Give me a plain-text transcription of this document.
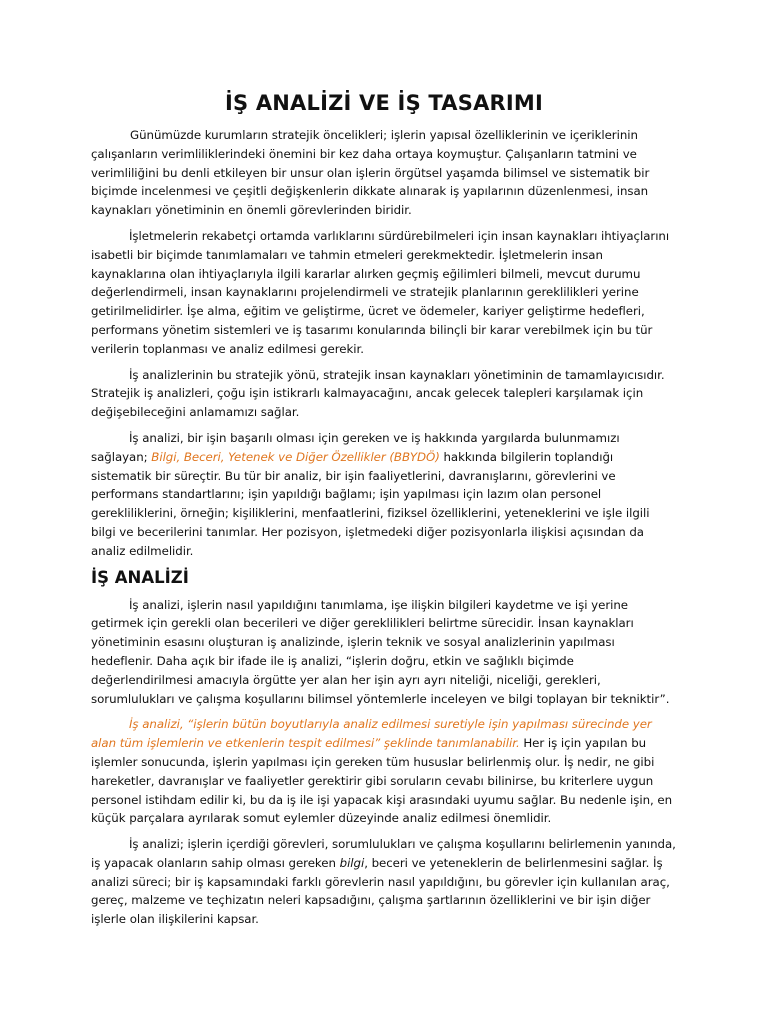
İŞ ANALİZİ VE İŞ TASARIMI

Günümüzde kurumların stratejik öncelikleri; işlerin yapısal özelliklerinin ve içeriklerinin çalışanların verimliliklerindeki önemini bir kez daha ortaya koymuştur. Çalışanların tatmini ve verimliliğini bu denli etkileyen bir unsur olan işlerin örgütsel yaşamda bilimsel ve sistematik bir biçimde incelenmesi ve çeşitli değişkenlerin dikkate alınarak iş yapılarının düzenlenmesi, insan kaynakları yönetiminin en önemli görevlerinden biridir.

İşletmelerin rekabetçi ortamda varlıklarını sürdürebilmeleri için insan kaynakları ihtiyaçlarını isabetli bir biçimde tanımlamaları ve tahmin etmeleri gerekmektedir. İşletmelerin insan kaynaklarına olan ihtiyaçlarıyla ilgili kararlar alırken geçmiş eğilimleri bilmeli, mevcut durumu değerlendirmeli, insan kaynaklarını projelendirmeli ve stratejik planlarının gereklilikleri yerine getirilmelidirler. İşe alma, eğitim ve geliştirme, ücret ve ödemeler, kariyer geliştirme hedefleri, performans yönetim sistemleri ve iş tasarımı konularında bilinçli bir karar verebilmek için bu tür verilerin toplanması ve analiz edilmesi gerekir.

İş analizlerinin bu stratejik yönü, stratejik insan kaynakları yönetiminin de tamamlayıcısıdır. Stratejik iş analizleri, çoğu işin istikrarlı kalmayacağını, ancak gelecek talepleri karşılamak için değişebileceğini anlamamızı sağlar.

İş analizi, bir işin başarılı olması için gereken ve iş hakkında yargılarda bulunmamızı sağlayan; Bilgi, Beceri, Yetenek ve Diğer Özellikler (BBYDÖ) hakkında bilgilerin toplandığı sistematik bir süreçtir. Bu tür bir analiz, bir işin faaliyetlerini, davranışlarını, görevlerini ve performans standartlarını; işin yapıldığı bağlamı; işin yapılması için lazım olan personel gerekliliklerini, örneğin; kişiliklerini, menfaatlerini, fiziksel özelliklerini, yeteneklerini ve işle ilgili bilgi ve becerilerini tanımlar. Her pozisyon, işletmedeki diğer pozisyonlarla ilişkisi açısından da analiz edilmelidir.

İŞ ANALİZİ

İş analizi, işlerin nasıl yapıldığını tanımlama, işe ilişkin bilgileri kaydetme ve işi yerine getirmek için gerekli olan becerileri ve diğer gereklilikleri belirtme sürecidir. İnsan kaynakları yönetiminin esasını oluşturan iş analizinde, işlerin teknik ve sosyal analizlerinin yapılması hedeflenir. Daha açık bir ifade ile iş analizi, “işlerin doğru, etkin ve sağlıklı biçimde değerlendirilmesi amacıyla örgütte yer alan her işin ayrı ayrı niteliği, niceliği, gerekleri, sorumlulukları ve çalışma koşullarını bilimsel yöntemlerle inceleyen ve bilgi toplayan bir tekniktir”.

İş analizi, “işlerin bütün boyutlarıyla analiz edilmesi suretiyle işin yapılması sürecinde yer alan tüm işlemlerin ve etkenlerin tespit edilmesi” şeklinde tanımlanabilir. Her iş için yapılan bu işlemler sonucunda, işlerin yapılması için gereken tüm hususlar belirlenmiş olur. İş nedir, ne gibi hareketler, davranışlar ve faaliyetler gerektirir gibi soruların cevabı bilinirse, bu kriterlere uygun personel istihdam edilir ki, bu da iş ile işi yapacak kişi arasındaki uyumu sağlar. Bu nedenle işin, en küçük parçalara ayrılarak somut eylemler düzeyinde analiz edilmesi önemlidir.

İş analizi; işlerin içerdiği görevleri, sorumlulukları ve çalışma koşullarını belirlemenin yanında, iş yapacak olanların sahip olması gereken bilgi, beceri ve yeteneklerin de belirlenmesini sağlar. İş analizi süreci; bir iş kapsamındaki farklı görevlerin nasıl yapıldığını, bu görevler için kullanılan araç, gereç, malzeme ve teçhizatın neleri kapsadığını, çalışma şartlarının özelliklerini ve bir işin diğer işlerle olan ilişkilerini kapsar.
